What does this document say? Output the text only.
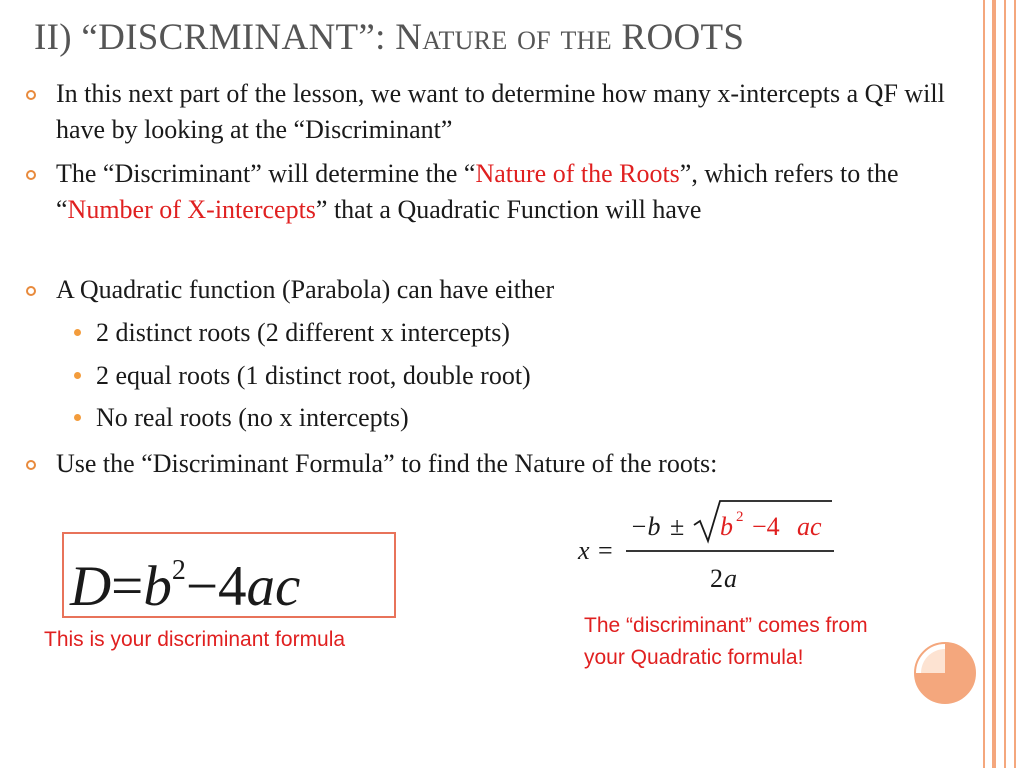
II) “DISCRMINANT”: Nature of the ROOTS

In this next part of the lesson, we want to determine how many x-intercepts a QF will have by looking at the “Discriminant”

The “Discriminant” will determine the “Nature of the Roots”, which refers to the “Number of X-intercepts” that a Quadratic Function will have

A Quadratic function (Parabola) can have either

2 distinct roots (2 different x intercepts)
2 equal roots (1 distinct root, double root)
No real roots (no x intercepts)

Use the “Discriminant Formula” to find the Nature of the roots:

$D=b^2-4ac$
This is your discriminant formula
x =
−b ± b 2 −4 ac
2 a
The “discriminant” comes from
your Quadratic formula!
